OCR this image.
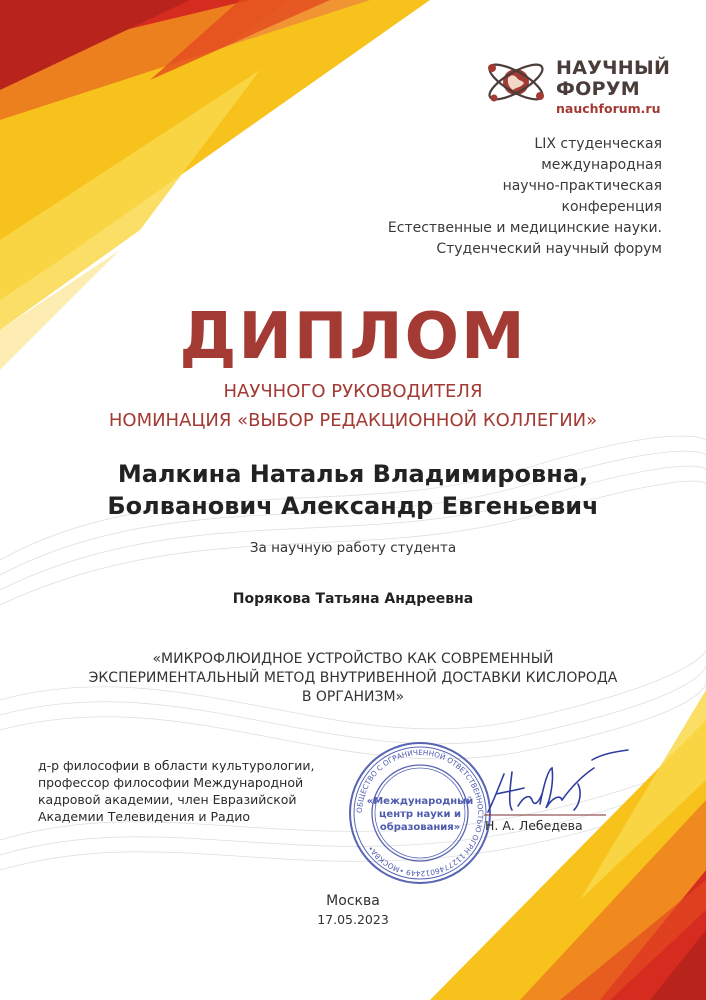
НАУЧНЫЙ
ФОРУМ
nauchforum.ru
LIX студенческая
международная
научно-практическая
конференция
Естественные и медицинские науки.
Студенческий научный форум
ДИПЛОМ
НАУЧНОГО РУКОВОДИТЕЛЯ
НОМИНАЦИЯ «ВЫБОР РЕДАКЦИОННОЙ КОЛЛЕГИИ»
Малкина Наталья Владимировна,
Болванович Александр Евгеньевич
За научную работу студента
Порякова Татьяна Андреевна
«МИКРОФЛЮИДНОЕ УСТРОЙСТВО КАК СОВРЕМЕННЫЙ
ЭКСПЕРИМЕНТАЛЬНЫЙ МЕТОД ВНУТРИВЕННОЙ ДОСТАВКИ КИСЛОРОДА
В ОРГАНИЗМ»
д-р философии в области культурологии,
профессор философии Международной
кадровой академии, член Евразийской
Академии Телевидения и Радио	ОБЩЕСТВО С ОГРАНИЧЕННОЙ ОТВЕТСТВЕННОСТЬЮ ОГРН 1127746012449 •МОСКВА•
«Международный
центр науки и
образования» Н. А. Лебедева
Москва
17.05.2023
